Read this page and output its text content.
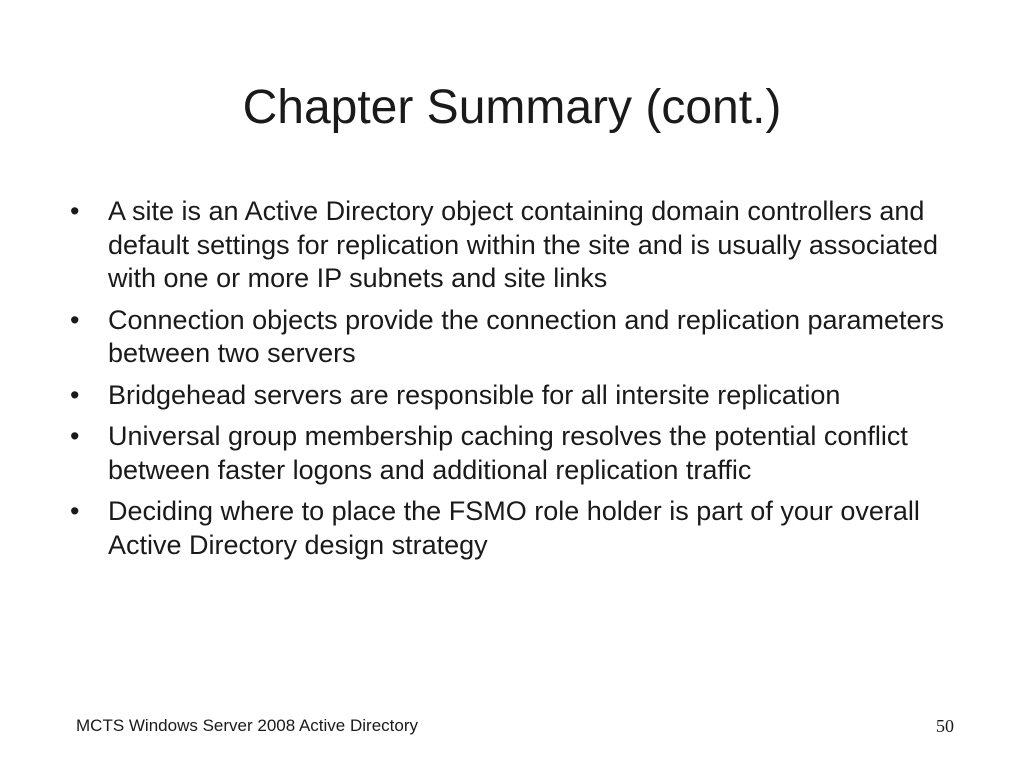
Chapter Summary (cont.)
• A site is an Active Directory object containing domain controllers and default settings for replication within the site and is usually associated with one or more IP subnets and site links
• Connection objects provide the connection and replication parameters between two servers
• Bridgehead servers are responsible for all intersite replication
• Universal group membership caching resolves the potential conflict between faster logons and additional replication traffic
• Deciding where to place the FSMO role holder is part of your overall Active Directory design strategy
MCTS Windows Server 2008 Active Directory	50
